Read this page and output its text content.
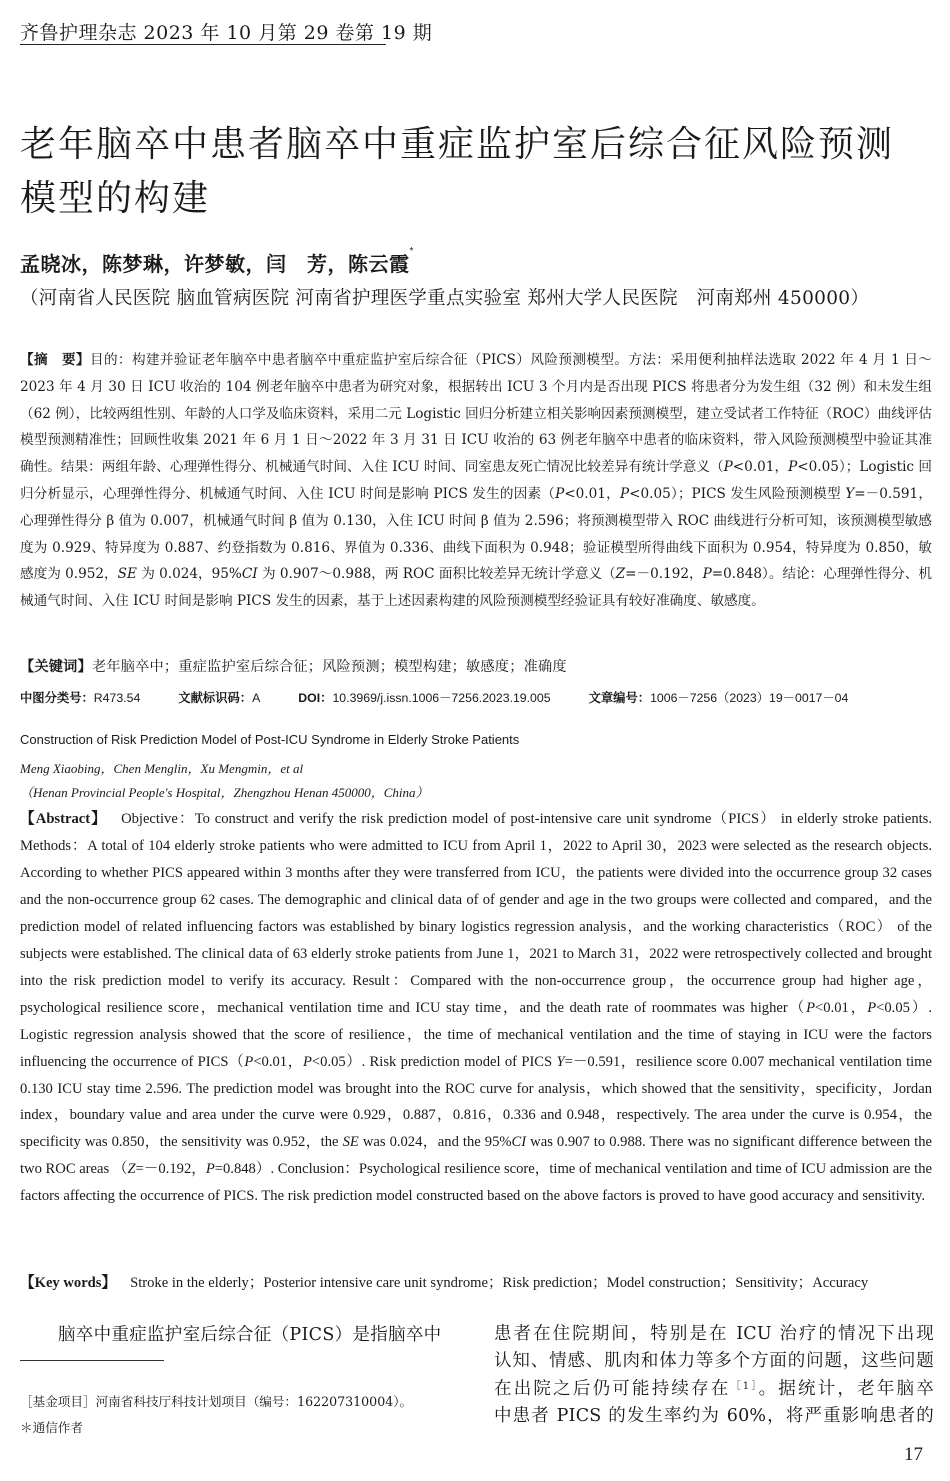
齐鲁护理杂志 2023 年 10 月第 29 卷第 19 期
老年脑卒中患者脑卒中重症监护室后综合征风险预测模型的构建
孟晓冰，陈梦琳，许梦敏，闫　芳，陈云霞*
（河南省人民医院 脑血管病医院 河南省护理医学重点实验室 郑州大学人民医院　河南郑州 450000）
【摘　要】目的：构建并验证老年脑卒中患者脑卒中重症监护室后综合征（PICS）风险预测模型。方法：采用便利抽样法选取 2022 年 4 月 1 日～2023 年 4 月 30 日 ICU 收治的 104 例老年脑卒中患者为研究对象，根据转出 ICU 3 个月内是否出现 PICS 将患者分为发生组（32 例）和未发生组（62 例），比较两组性别、年龄的人口学及临床资料，采用二元 Logistic 回归分析建立相关影响因素预测模型，建立受试者工作特征（ROC）曲线评估模型预测精准性；回顾性收集 2021 年 6 月 1 日～2022 年 3 月 31 日 ICU 收治的 63 例老年脑卒中患者的临床资料，带入风险预测模型中验证其准确性。结果：两组年龄、心理弹性得分、机械通气时间、入住 ICU 时间、同室患友死亡情况比较差异有统计学意义（P<0.01，P<0.05）；Logistic 回归分析显示，心理弹性得分、机械通气时间、入住 ICU 时间是影响 PICS 发生的因素（P<0.01，P<0.05）；PICS 发生风险预测模型 Y=－0.591，心理弹性得分 β 值为 0.007，机械通气时间 β 值为 0.130，入住 ICU 时间 β 值为 2.596；将预测模型带入 ROC 曲线进行分析可知，该预测模型敏感度为 0.929、特异度为 0.887、约登指数为 0.816、界值为 0.336、曲线下面积为 0.948；验证模型所得曲线下面积为 0.954，特异度为 0.850，敏感度为 0.952，SE 为 0.024，95%CI 为 0.907～0.988，两 ROC 面积比较差异无统计学意义（Z=－0.192，P=0.848）。结论：心理弹性得分、机械通气时间、入住 ICU 时间是影响 PICS 发生的因素，基于上述因素构建的风险预测模型经验证具有较好准确度、敏感度。
【关键词】老年脑卒中；重症监护室后综合征；风险预测；模型构建；敏感度；准确度
中图分类号：R473.54	文献标识码：A	DOI：10.3969/j.issn.1006－7256.2023.19.005	文章编号：1006－7256（2023）19－0017－04
Construction of Risk Prediction Model of Post-ICU Syndrome in Elderly Stroke Patients
Meng Xiaobing，Chen Menglin，Xu Mengmin，et al
（Henan Provincial People's Hospital，Zhengzhou Henan 450000，China）
【Abstract】 Objective：To construct and verify the risk prediction model of post-intensive care unit syndrome（PICS） in elderly stroke patients. Methods：A total of 104 elderly stroke patients who were admitted to ICU from April 1，2022 to April 30，2023 were selected as the research objects. According to whether PICS appeared within 3 months after they were transferred from ICU，the patients were divided into the occurrence group 32 cases and the non-occurrence group 62 cases. The demographic and clinical data of of gender and age in the two groups were collected and compared，and the prediction model of related influencing factors was established by binary logistics regression analysis，and the working characteristics（ROC） of the subjects were established. The clinical data of 63 elderly stroke patients from June 1，2021 to March 31，2022 were retrospectively collected and brought into the risk prediction model to verify its accuracy. Result：Compared with the non-occurrence group，the occurrence group had higher age，psychological resilience score，mechanical ventilation time and ICU stay time，and the death rate of roommates was higher（P<0.01，P<0.05）. Logistic regression analysis showed that the score of resilience，the time of mechanical ventilation and the time of staying in ICU were the factors influencing the occurrence of PICS（P<0.01，P<0.05）. Risk prediction model of PICS Y=－0.591，resilience score 0.007 mechanical ventilation time 0.130 ICU stay time 2.596. The prediction model was brought into the ROC curve for analysis，which showed that the sensitivity，specificity，Jordan index，boundary value and area under the curve were 0.929，0.887，0.816，0.336 and 0.948，respectively. The area under the curve is 0.954，the specificity was 0.850，the sensitivity was 0.952，the SE was 0.024，and the 95%CI was 0.907 to 0.988. There was no significant difference between the two ROC areas （Z=－0.192，P=0.848）. Conclusion：Psychological resilience score，time of mechanical ventilation and time of ICU admission are the factors affecting the occurrence of PICS. The risk prediction model constructed based on the above factors is proved to have good accuracy and sensitivity.
【Key words】 Stroke in the elderly；Posterior intensive care unit syndrome；Risk prediction；Model construction；Sensitivity；Accuracy
脑卒中重症监护室后综合征（PICS）是指脑卒中
［基金项目］河南省科技厅科技计划项目（编号：162207310004）。
＊通信作者
患者在住院期间，特别是在 ICU 治疗的情况下出现
认知、情感、肌肉和体力等多个方面的问题，这些问题
在出院之后仍可能持续存在$^{[1]}$。据统计，老年脑卒
中患者 PICS 的发生率约为 60%，将严重影响患者的
17
